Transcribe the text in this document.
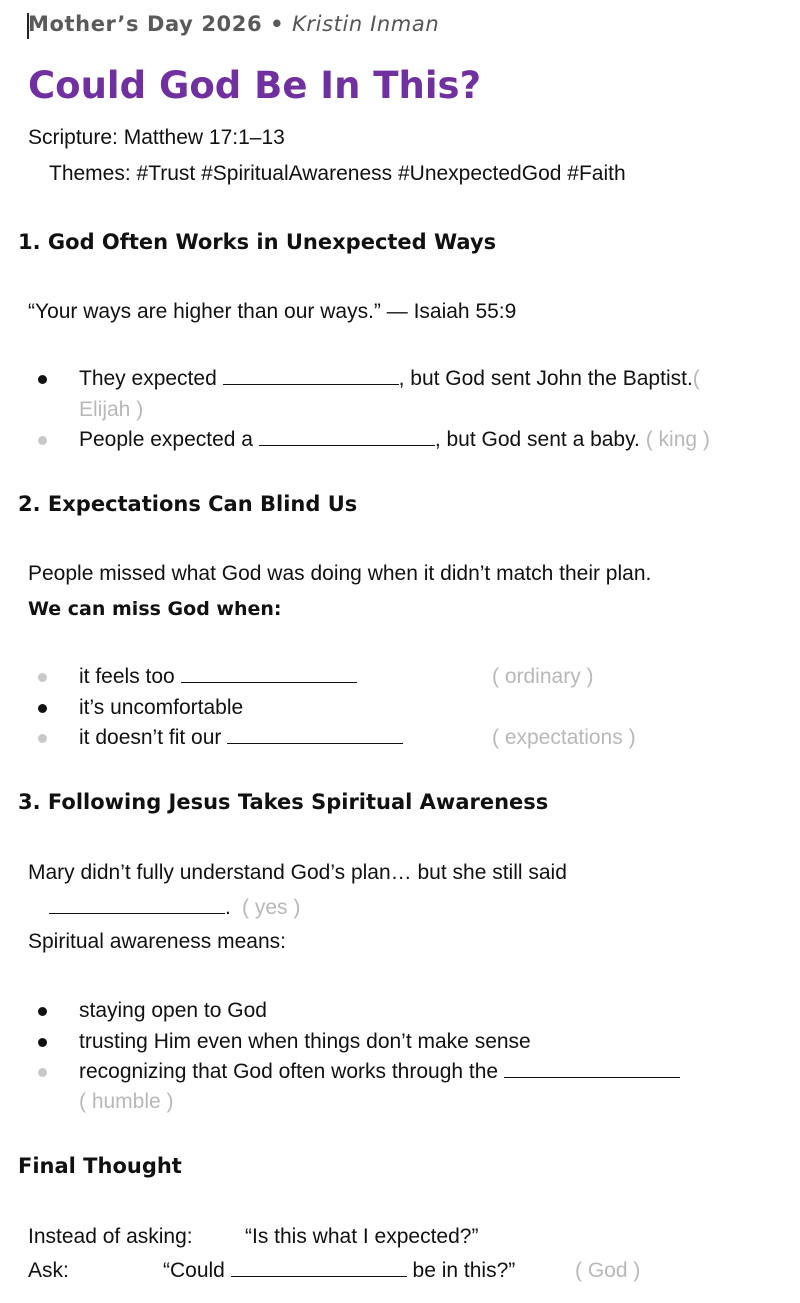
Mother’s Day 2026 • Kristin Inman
Could God Be In This?
Scripture: Matthew 17:1–13
Themes: #Trust #SpiritualAwareness #UnexpectedGod #Faith
1. God Often Works in Unexpected Ways
“Your ways are higher than our ways.” — Isaiah 55:9
They expected	, but God sent John the Baptist.(
Elijah )
People expected a	, but God sent a baby. ( king )
2. Expectations Can Blind Us
People missed what God was doing when it didn’t match their plan.
We can miss God when:
it feels too	( ordinary )
it’s uncomfortable
it doesn’t fit our	( expectations )
3. Following Jesus Takes Spiritual Awareness
Mary didn’t fully understand God’s plan… but she still said
. ( yes )
Spiritual awareness means:
staying open to God
trusting Him even when things don’t make sense
recognizing that God often works through the
( humble )
Final Thought
Instead of asking: “Is this what I expected?”
Ask:	“Could	be in this?”	( God )
